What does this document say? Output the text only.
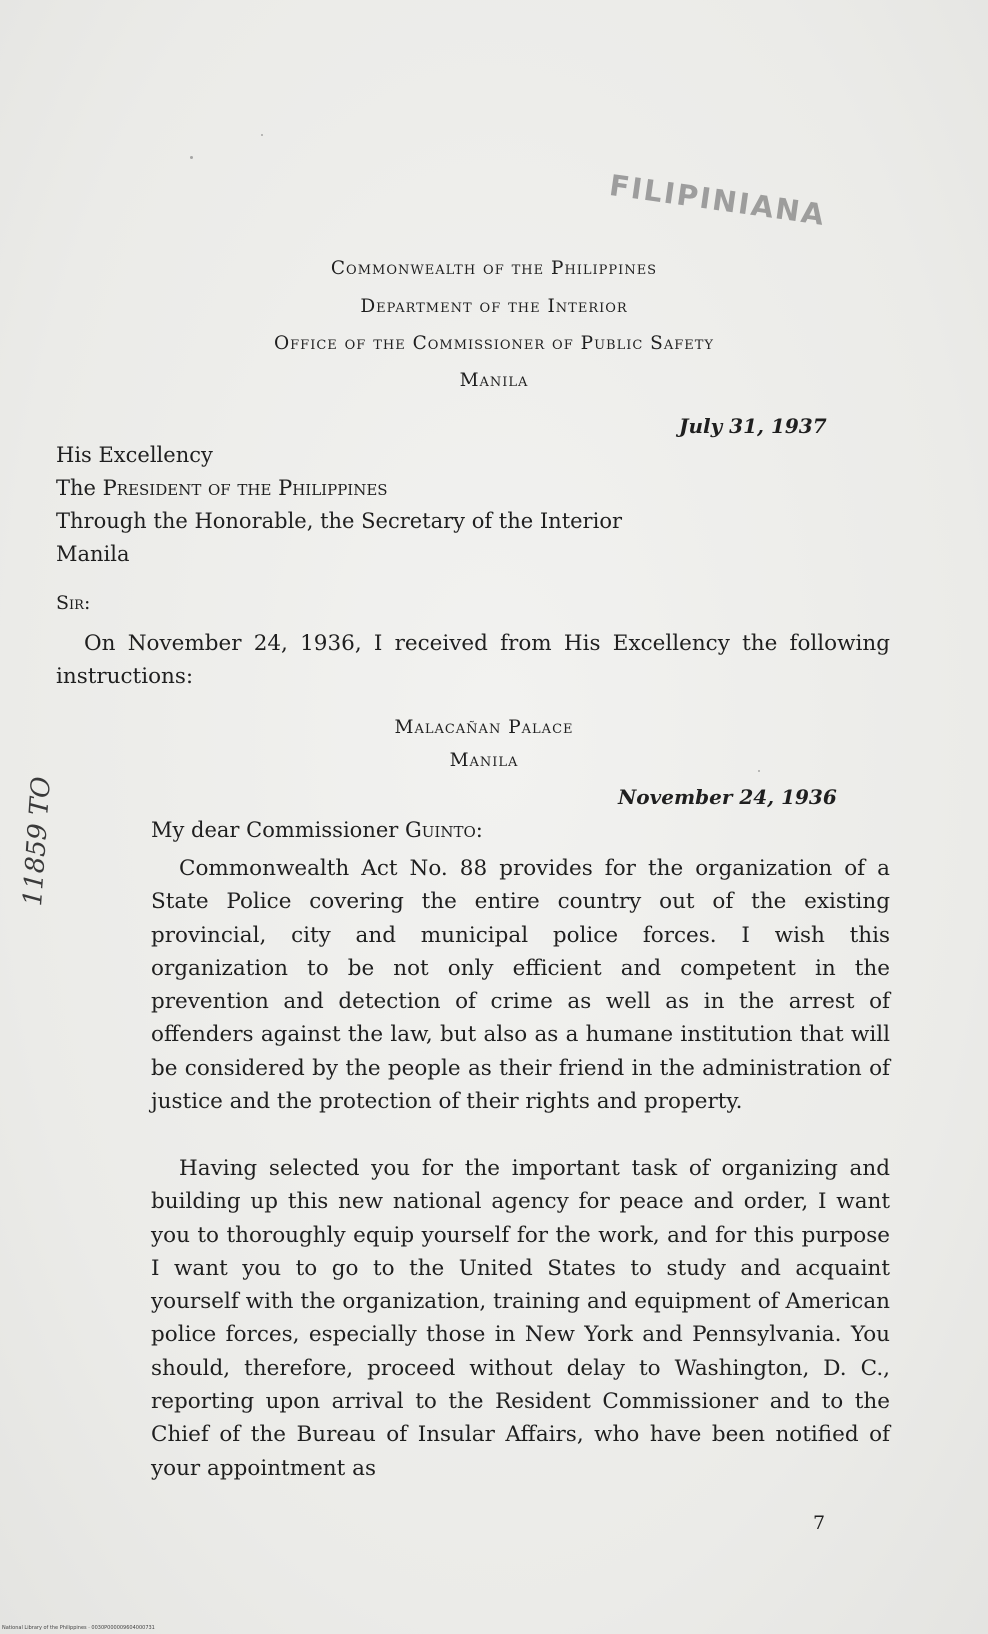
FILIPINIANA
Commonwealth of the Philippines
Department of the Interior
Office of the Commissioner of Public Safety
Manila
July 31, 1937
His Excellency
The President of the Philippines
Through the Honorable, the Secretary of the Interior
Manila
Sir:
On November 24, 1936, I received from His Excellency the following instructions:
Malacañan Palace
Manila
November 24, 1936
My dear Commissioner Guinto:
Commonwealth Act No. 88 provides for the organization of a State Police covering the entire country out of the existing provincial, city and municipal police forces. I wish this organization to be not only efficient and competent in the prevention and detection of crime as well as in the arrest of offenders against the law, but also as a humane institution that will be considered by the people as their friend in the administration of justice and the protection of their rights and property.
Having selected you for the important task of organizing and building up this new national agency for peace and order, I want you to thoroughly equip yourself for the work, and for this purpose I want you to go to the United States to study and acquaint yourself with the organization, training and equipment of American police forces, especially those in New York and Pennsylvania. You should, therefore, proceed without delay to Washington, D. C., reporting upon arrival to the Resident Commissioner and to the Chief of the Bureau of Insular Affairs, who have been notified of your appointment as
11859 TO
7
National Library of the Philippines · 0030P000009604000731
